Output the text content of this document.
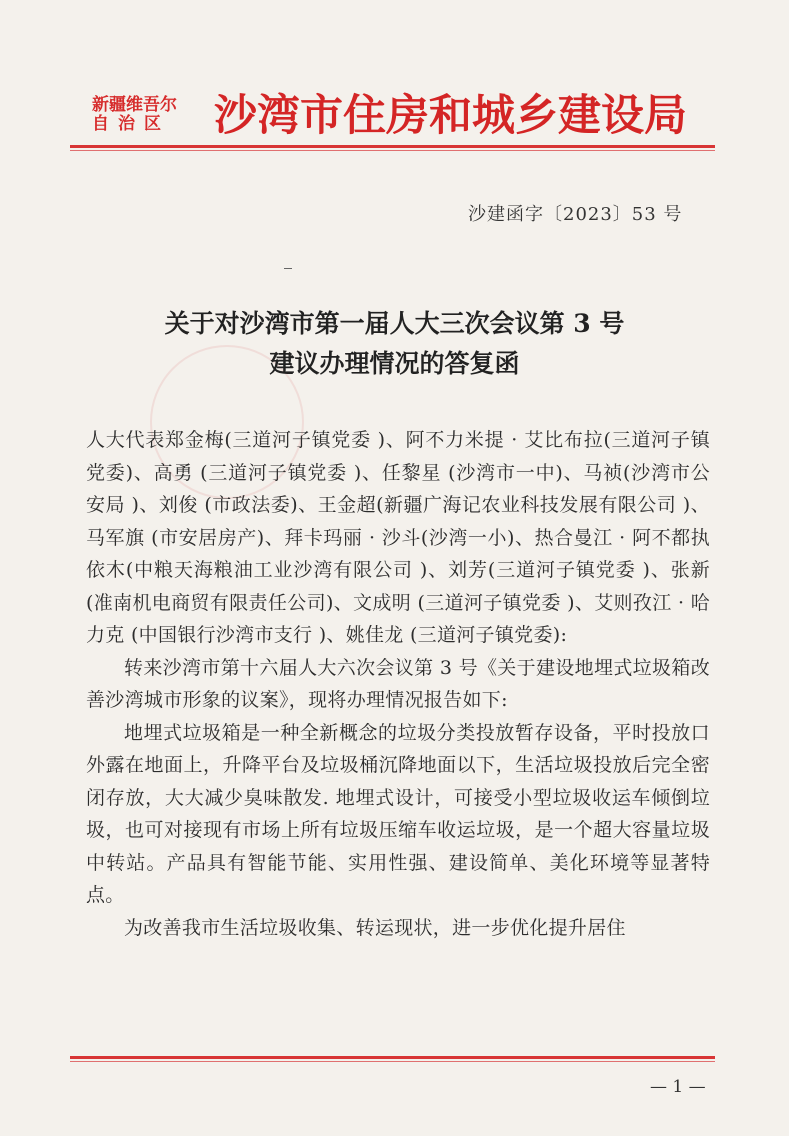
新疆维吾尔
自治区	沙湾市住房和城乡建设局
沙建函字〔2023〕53 号
关于对沙湾市第一届人大三次会议第 3 号
建议办理情况的答复函

人大代表郑金梅(三道河子镇党委 )、阿不力米提 · 艾比布拉(三道河子镇党委)、高勇 (三道河子镇党委 )、任黎星 (沙湾市一中)、马祯(沙湾市公安局 )、刘俊 (市政法委)、王金超(新疆广海记农业科技发展有限公司 )、马军旗 (市安居房产)、拜卡玛丽 · 沙斗(沙湾一小)、热合曼江 · 阿不都执依木(中粮天海粮油工业沙湾有限公司 )、刘芳(三道河子镇党委 )、张新 (准南机电商贸有限责任公司)、文成明 (三道河子镇党委 )、艾则孜江 · 哈力克 (中国银行沙湾市支行 )、姚佳龙 (三道河子镇党委):

转来沙湾市第十六届人大六次会议第 3 号《关于建设地埋式垃圾箱改善沙湾城市形象的议案》，现将办理情况报告如下:

地埋式垃圾箱是一种全新概念的垃圾分类投放暂存设备，平时投放口外露在地面上，升降平台及垃圾桶沉降地面以下，生活垃圾投放后完全密闭存放，大大减少臭味散发. 地埋式设计，可接受小型垃圾收运车倾倒垃圾，也可对接现有市场上所有垃圾压缩车收运垃圾，是一个超大容量垃圾中转站。产品具有智能节能、实用性强、建设简单、美化环境等显著特点。

为改善我市生活垃圾收集、转运现状，进一步优化提升居住

— 1 —
